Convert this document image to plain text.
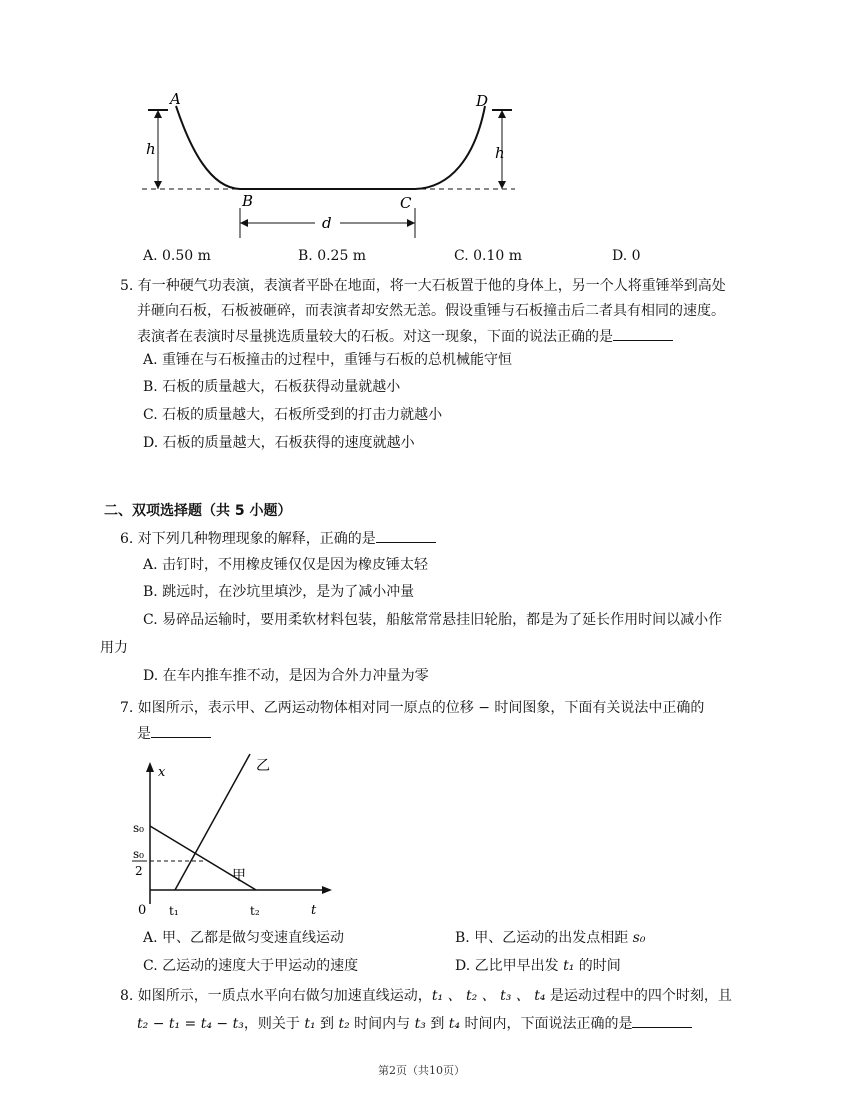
A	D
h	h
B	C
d
A. 0.50 m	B. 0.25 m	C. 0.10 m	D. 0
5. 有一种硬气功表演，表演者平卧在地面，将一大石板置于他的身体上，另一个人将重锤举到高处
并砸向石板，石板被砸碎，而表演者却安然无恙。假设重锤与石板撞击后二者具有相同的速度。
表演者在表演时尽量挑选质量较大的石板。对这一现象，下面的说法正确的是
A. 重锤在与石板撞击的过程中，重锤与石板的总机械能守恒
B. 石板的质量越大，石板获得动量就越小
C. 石板的质量越大，石板所受到的打击力就越小
D. 石板的质量越大，石板获得的速度就越小
二、双项选择题（共 5 小题）
6. 对下列几种物理现象的解释，正确的是
A. 击钉时，不用橡皮锤仅仅是因为橡皮锤太轻
B. 跳远时，在沙坑里填沙，是为了减小冲量
C. 易碎品运输时，要用柔软材料包装，船舷常常悬挂旧轮胎，都是为了延长作用时间以减小作
用力
D. 在车内推车推不动，是因为合外力冲量为零
7. 如图所示，表示甲、乙两运动物体相对同一原点的位移 − 时间图象，下面有关说法中正确的
是
x
t
0
s₀
s₀
2
t₁	t₂
甲
乙
A. 甲、乙都是做匀变速直线运动	B. 甲、乙运动的出发点相距 s₀
C. 乙运动的速度大于甲运动的速度	D. 乙比甲早出发 t₁ 的时间
8. 如图所示，一质点水平向右做匀加速直线运动，t₁ 、 t₂ 、 t₃ 、 t₄ 是运动过程中的四个时刻，且
t₂ − t₁ = t₄ − t₃，则关于 t₁ 到 t₂ 时间内与 t₃ 到 t₄ 时间内，下面说法正确的是
第2页（共10页）
